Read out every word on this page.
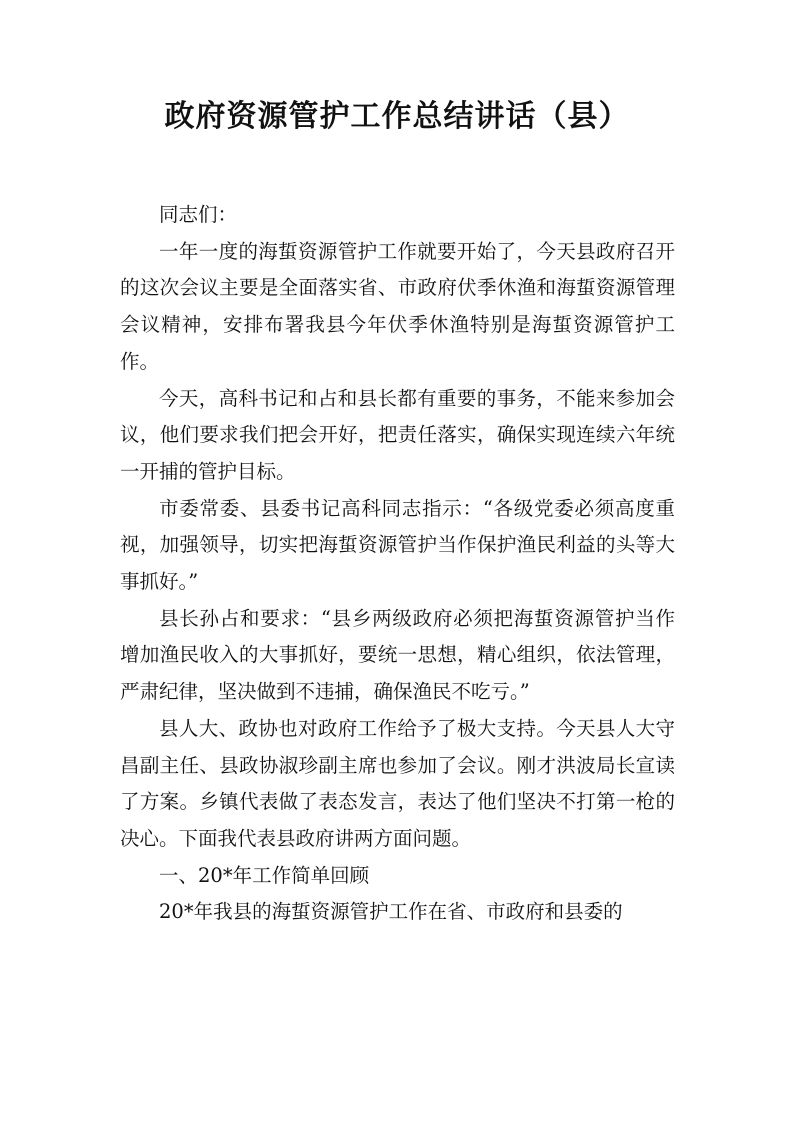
政府资源管护工作总结讲话（县）

同志们：

一年一度的海蜇资源管护工作就要开始了，今天县政府召开的这次会议主要是全面落实省、市政府伏季休渔和海蜇资源管理会议精神，安排布署我县今年伏季休渔特别是海蜇资源管护工作。

今天，高科书记和占和县长都有重要的事务，不能来参加会议，他们要求我们把会开好，把责任落实，确保实现连续六年统一开捕的管护目标。

市委常委、县委书记高科同志指示：“各级党委必须高度重视，加强领导，切实把海蜇资源管护当作保护渔民利益的头等大事抓好。”

县长孙占和要求：“县乡两级政府必须把海蜇资源管护当作增加渔民收入的大事抓好，要统一思想，精心组织，依法管理，严肃纪律，坚决做到不违捕，确保渔民不吃亏。”

县人大、政协也对政府工作给予了极大支持。今天县人大守昌副主任、县政协淑珍副主席也参加了会议。刚才洪波局长宣读了方案。乡镇代表做了表态发言，表达了他们坚决不打第一枪的决心。下面我代表县政府讲两方面问题。

一、20*年工作简单回顾

20*年我县的海蜇资源管护工作在省、市政府和县委的
